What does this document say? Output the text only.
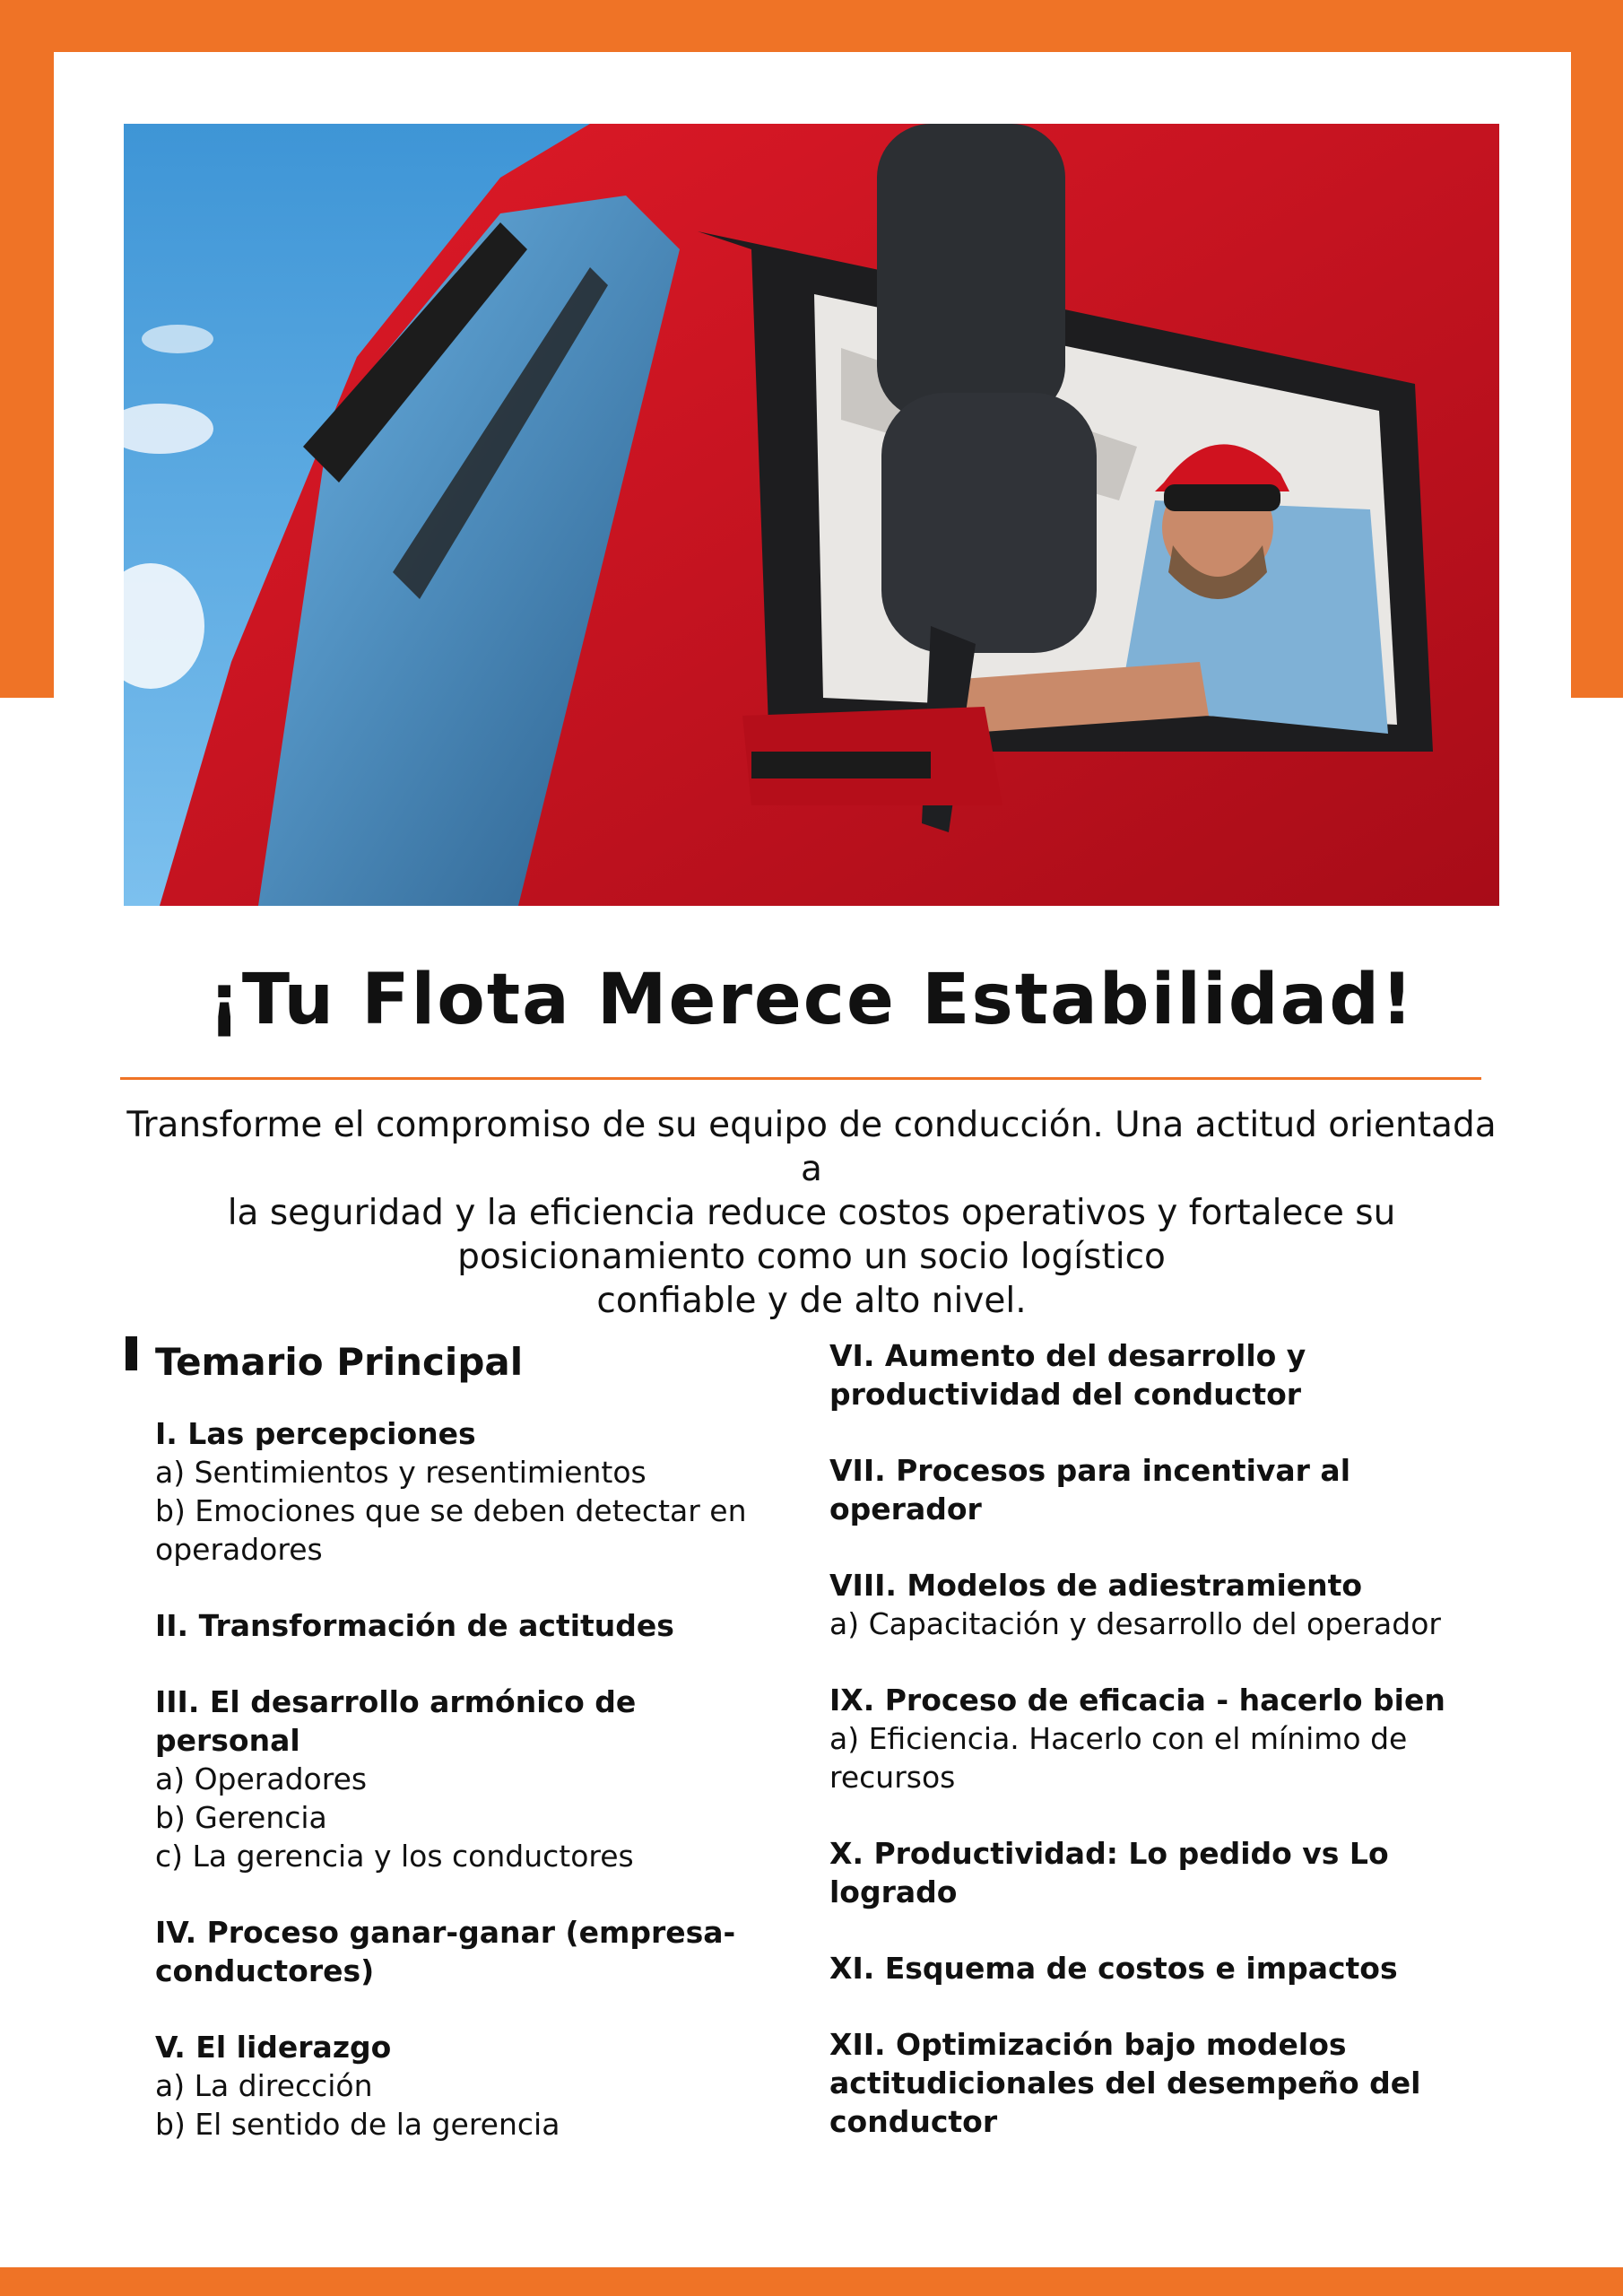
¡Tu Flota Merece Estabilidad!
Transforme el compromiso de su equipo de conducción. Una actitud orientada a
la seguridad y la eficiencia reduce costos operativos y fortalece su
posicionamiento como un socio logístico
confiable y de alto nivel.
Temario Principal
I. Las percepciones
a) Sentimientos y resentimientos
b) Emociones que se deben detectar en operadores
II. Transformación de actitudes
III. El desarrollo armónico de personal
a) Operadores
b) Gerencia
c) La gerencia y los conductores
IV. Proceso ganar-ganar (empresa-conductores)
V. El liderazgo
a) La dirección
b) El sentido de la gerencia
VI. Aumento del desarrollo y productividad del conductor
VII. Procesos para incentivar al operador
VIII. Modelos de adiestramiento
a) Capacitación y desarrollo del operador
IX. Proceso de eficacia - hacerlo bien
a) Eficiencia. Hacerlo con el mínimo de recursos
X. Productividad: Lo pedido vs Lo logrado
XI. Esquema de costos e impactos
XII. Optimización bajo modelos actitudicionales del desempeño del conductor
